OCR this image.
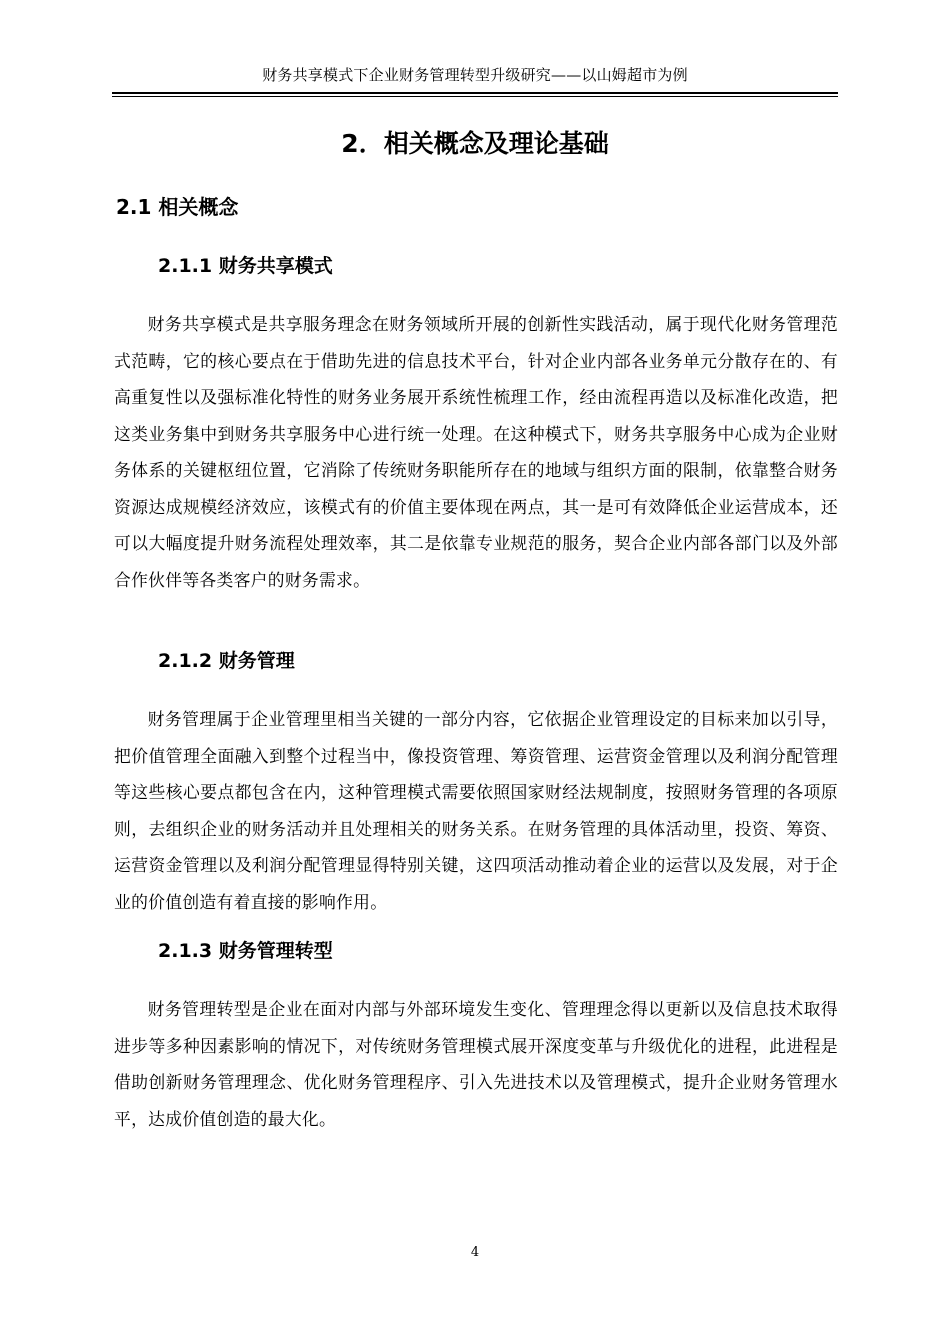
财务共享模式下企业财务管理转型升级研究——以山姆超市为例
2．相关概念及理论基础
2.1 相关概念
2.1.1 财务共享模式

财务共享模式是共享服务理念在财务领域所开展的创新性实践活动，属于现代化财务管理范式范畴，它的核心要点在于借助先进的信息技术平台，针对企业内部各业务单元分散存在的、有高重复性以及强标准化特性的财务业务展开系统性梳理工作，经由流程再造以及标准化改造，把这类业务集中到财务共享服务中心进行统一处理。在这种模式下，财务共享服务中心成为企业财务体系的关键枢纽位置，它消除了传统财务职能所存在的地域与组织方面的限制，依靠整合财务资源达成规模经济效应，该模式有的价值主要体现在两点，其一是可有效降低企业运营成本，还可以大幅度提升财务流程处理效率，其二是依靠专业规范的服务，契合企业内部各部门以及外部合作伙伴等各类客户的财务需求。

2.1.2 财务管理

财务管理属于企业管理里相当关键的一部分内容，它依据企业管理设定的目标来加以引导，把价值管理全面融入到整个过程当中，像投资管理、筹资管理、运营资金管理以及利润分配管理等这些核心要点都包含在内，这种管理模式需要依照国家财经法规制度，按照财务管理的各项原则，去组织企业的财务活动并且处理相关的财务关系。在财务管理的具体活动里，投资、筹资、运营资金管理以及利润分配管理显得特别关键，这四项活动推动着企业的运营以及发展，对于企业的价值创造有着直接的影响作用。

2.1.3 财务管理转型

财务管理转型是企业在面对内部与外部环境发生变化、管理理念得以更新以及信息技术取得进步等多种因素影响的情况下，对传统财务管理模式展开深度变革与升级优化的进程，此进程是借助创新财务管理理念、优化财务管理程序、引入先进技术以及管理模式，提升企业财务管理水平，达成价值创造的最大化。

4
